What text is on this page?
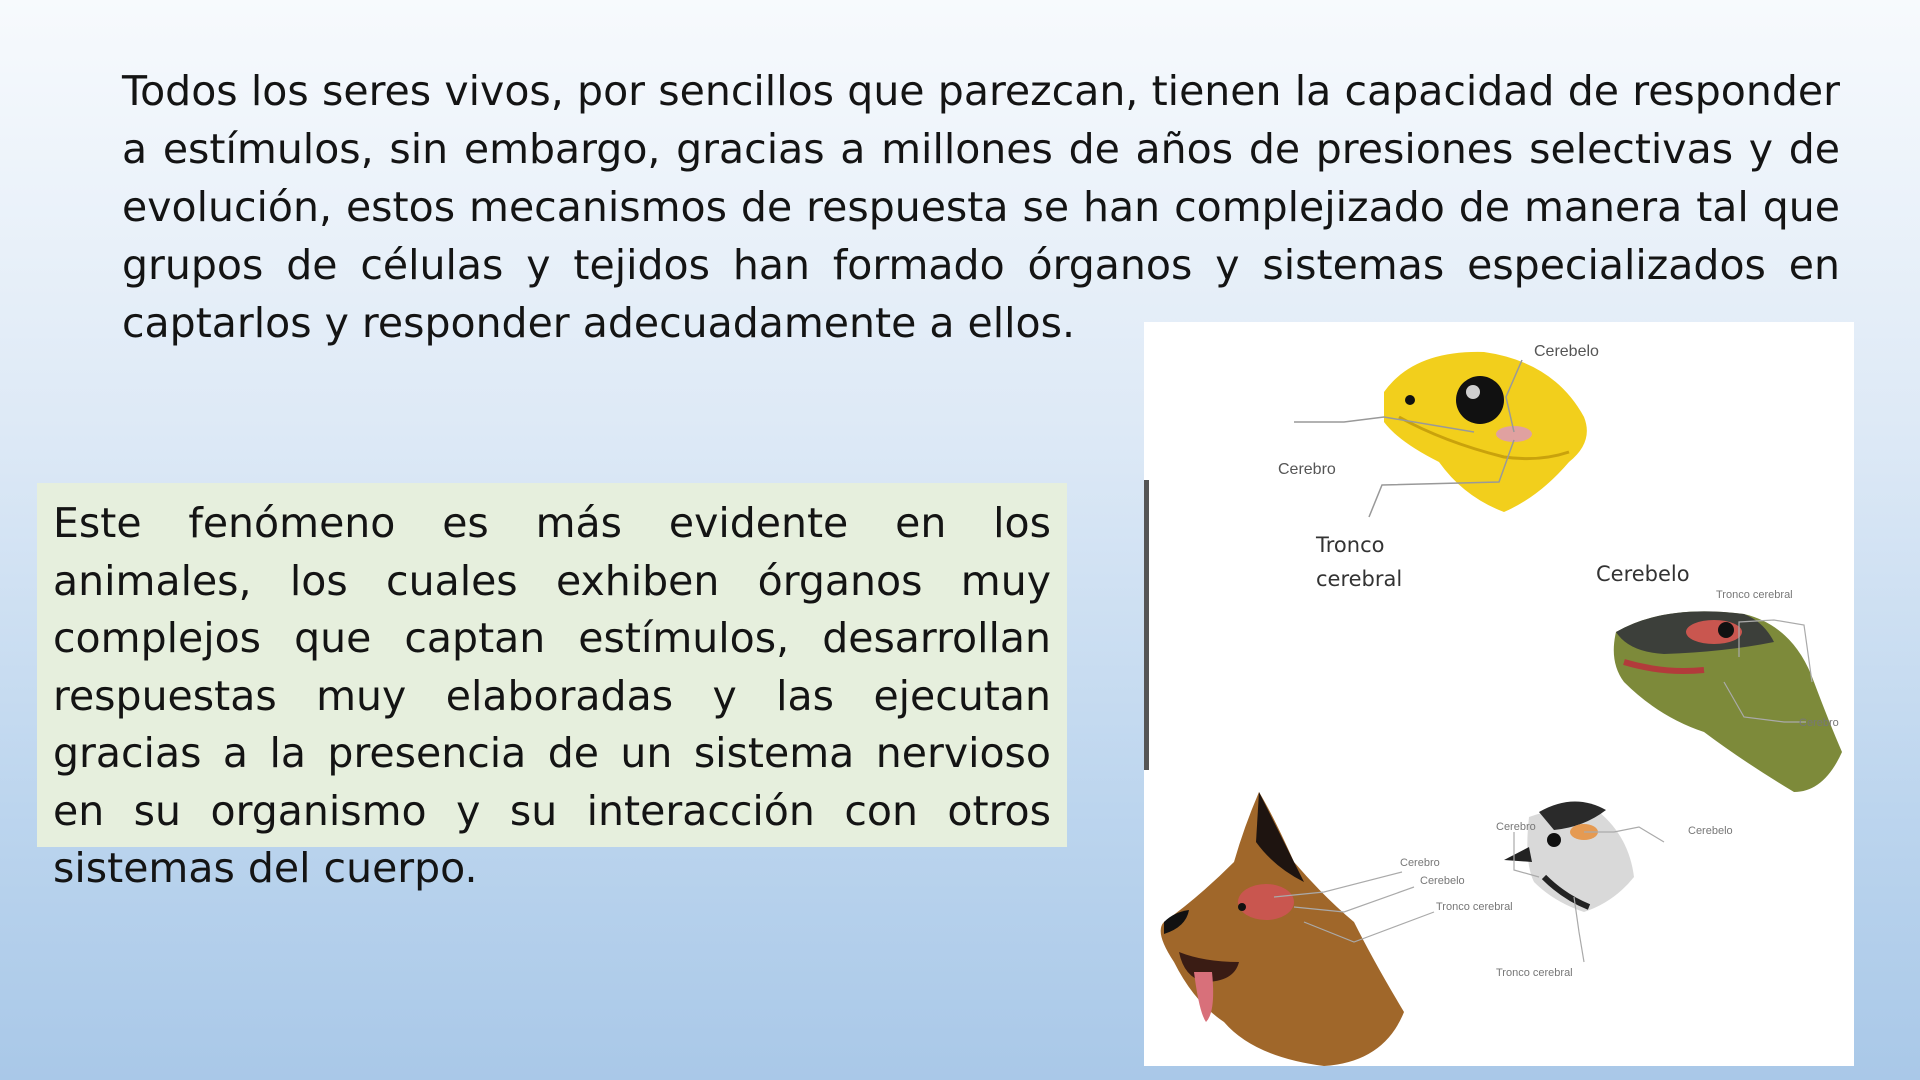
Todos los seres vivos, por sencillos que parezcan, tienen la capacidad de responder a estímulos, sin embargo, gracias a millones de años de presiones selectivas y de evolución, estos mecanismos de respuesta se han complejizado de manera tal que grupos de células y tejidos han formado órganos y sistemas especializados en captarlos y responder adecuadamente a ellos.

Este fenómeno es más evidente en los animales, los cuales exhiben órganos muy complejos que captan estímulos, desarrollan respuestas muy elaboradas y las ejecutan gracias a la presencia de un sistema nervioso en su organismo y su interacción con otros sistemas del cuerpo.

Cerebelo
Cerebro
Tronco
cerebral	Cerebelo
Tronco cerebral
Cerebro
Cerebro
Cerebelo
Tronco cerebral
Cerebro	Cerebelo
Tronco cerebral
